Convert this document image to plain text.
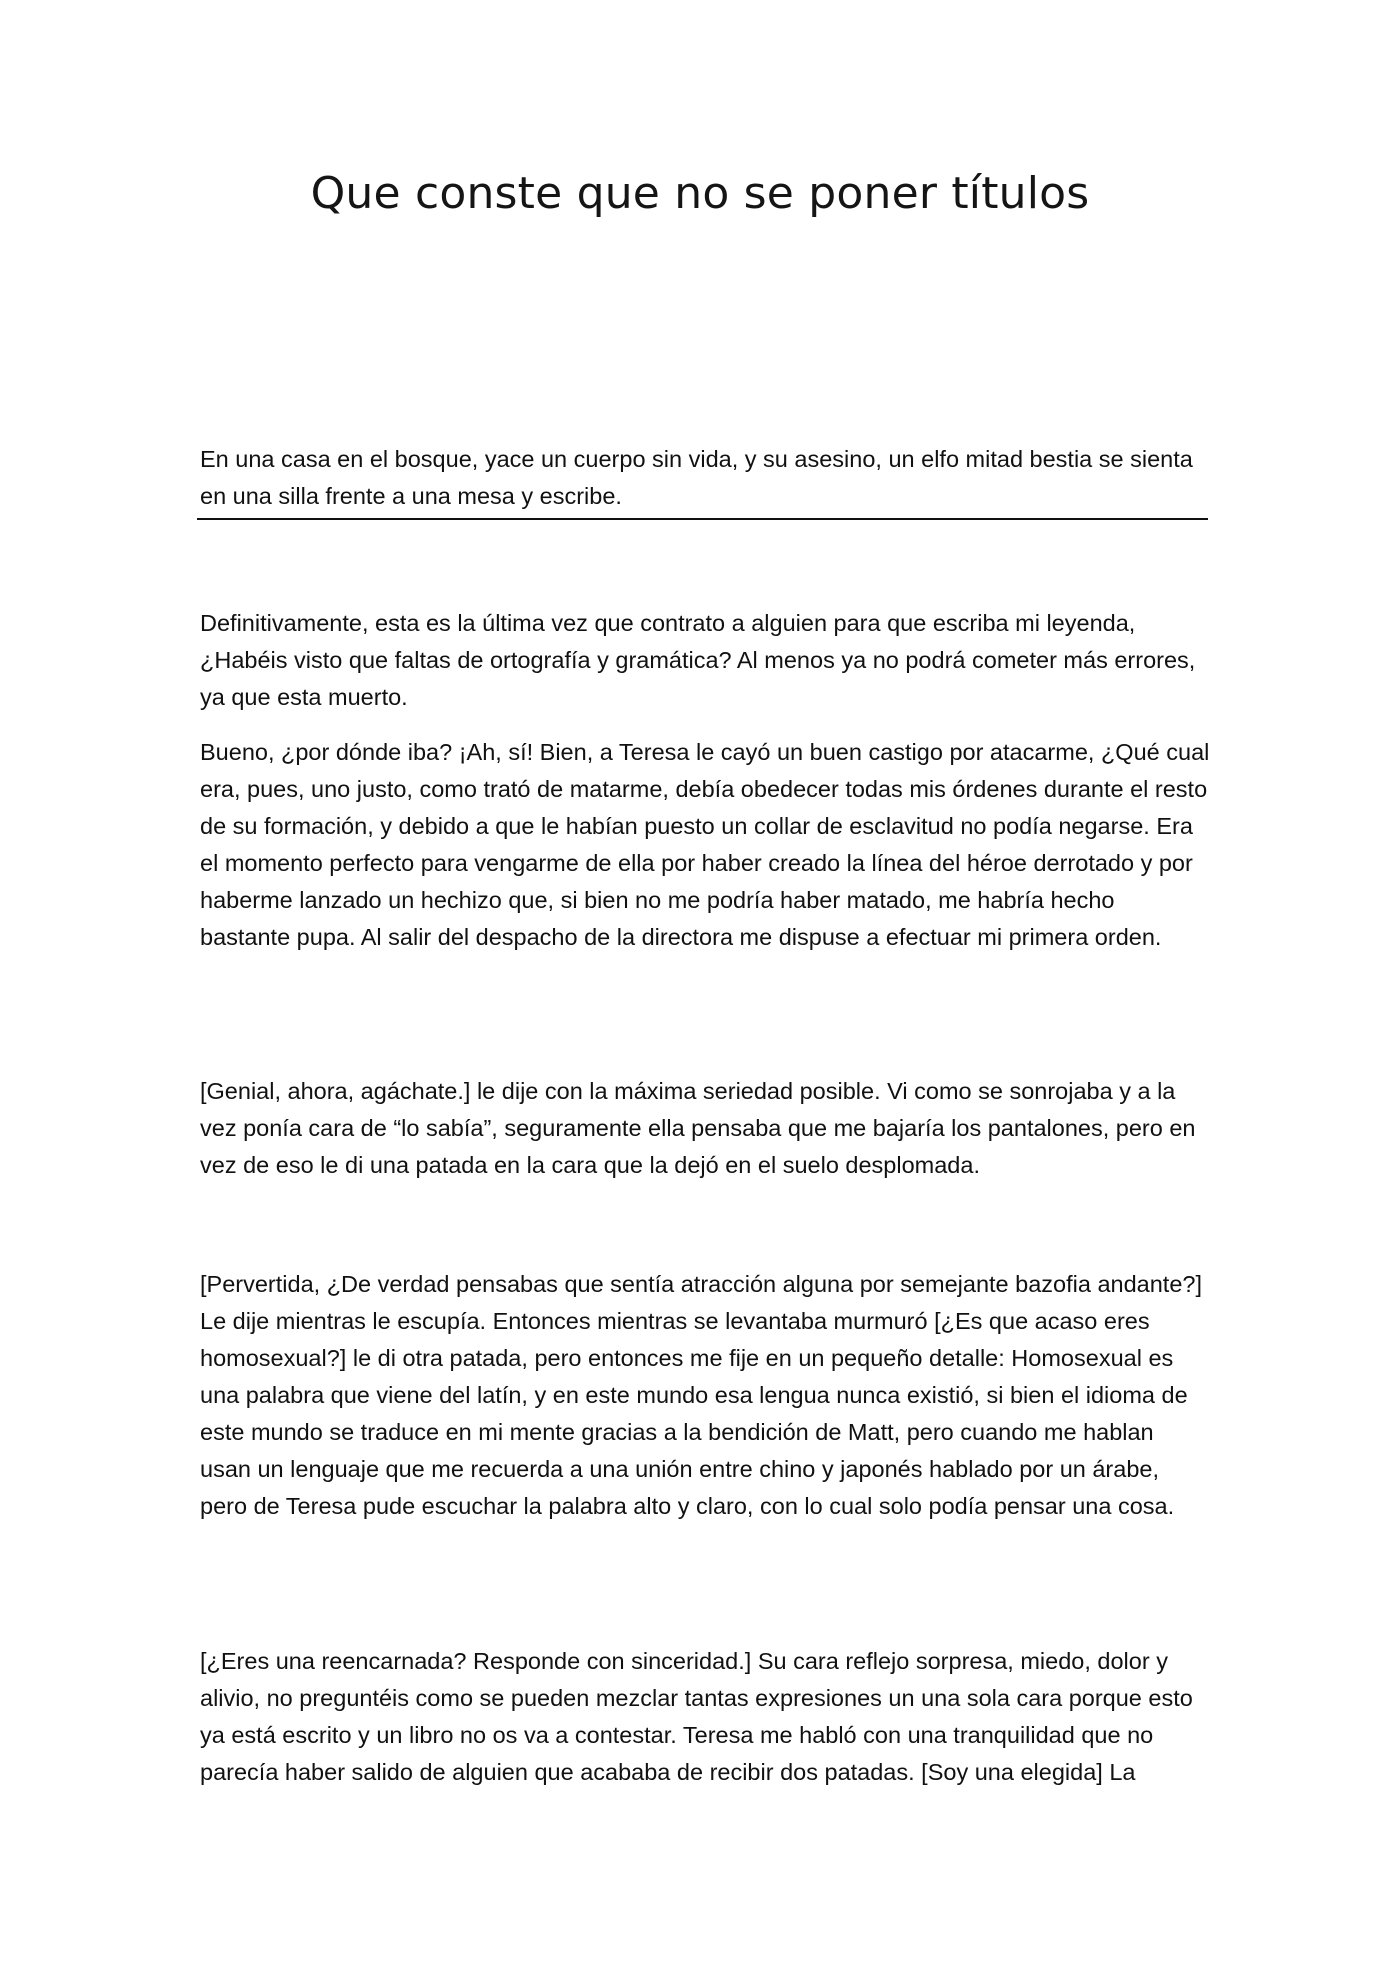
Que conste que no se poner títulos
En una casa en el bosque, yace un cuerpo sin vida, y su asesino, un elfo mitad bestia se sienta en una silla frente a una mesa y escribe.

Definitivamente, esta es la última vez que contrato a alguien para que escriba mi leyenda, ¿Habéis visto que faltas de ortografía y gramática? Al menos ya no podrá cometer más errores, ya que esta muerto.

Bueno, ¿por dónde iba? ¡Ah, sí! Bien, a Teresa le cayó un buen castigo por atacarme, ¿Qué cual era, pues, uno justo, como trató de matarme, debía obedecer todas mis órdenes durante el resto de su formación, y debido a que le habían puesto un collar de esclavitud no podía negarse. Era el momento perfecto para vengarme de ella por haber creado la línea del héroe derrotado y por haberme lanzado un hechizo que, si bien no me podría haber matado, me habría hecho bastante pupa. Al salir del despacho de la directora me dispuse a efectuar mi primera orden.

[Genial, ahora, agáchate.] le dije con la máxima seriedad posible. Vi como se sonrojaba y a la vez ponía cara de “lo sabía”, seguramente ella pensaba que me bajaría los pantalones, pero en vez de eso le di una patada en la cara que la dejó en el suelo desplomada.

[Pervertida, ¿De verdad pensabas que sentía atracción alguna por semejante bazofia andante?] Le dije mientras le escupía. Entonces mientras se levantaba murmuró [¿Es que acaso eres homosexual?] le di otra patada, pero entonces me fije en un pequeño detalle: Homosexual es una palabra que viene del latín, y en este mundo esa lengua nunca existió, si bien el idioma de este mundo se traduce en mi mente gracias a la bendición de Matt, pero cuando me hablan usan un lenguaje que me recuerda a una unión entre chino y japonés hablado por un árabe, pero de Teresa pude escuchar la palabra alto y claro, con lo cual solo podía pensar una cosa.

[¿Eres una reencarnada? Responde con sinceridad.] Su cara reflejo sorpresa, miedo, dolor y alivio, no preguntéis como se pueden mezclar tantas expresiones un una sola cara porque esto ya está escrito y un libro no os va a contestar. Teresa me habló con una tranquilidad que no parecía haber salido de alguien que acababa de recibir dos patadas. [Soy una elegida] La
